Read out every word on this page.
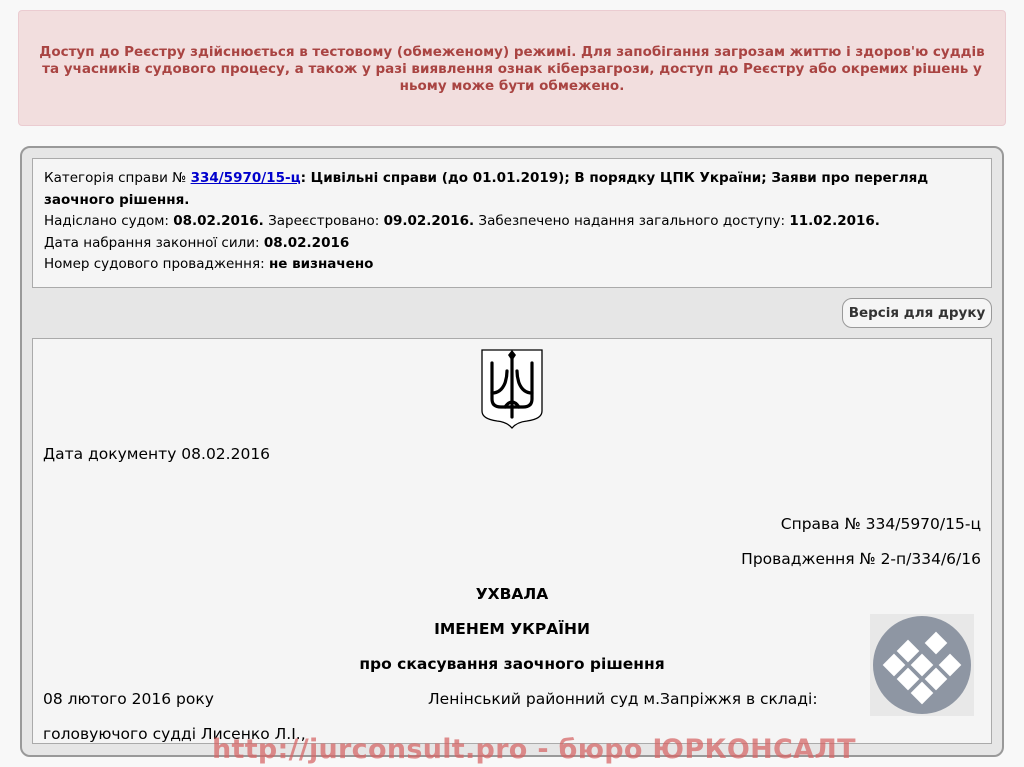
Доступ до Реєстру здійснюється в тестовому (обмеженому) режимі. Для запобігання загрозам життю і здоров'ю суддів та учасників судового процесу, а також у разі виявлення ознак кіберзагрози, доступ до Реєстру або окремих рішень у ньому може бути обмежено.

Категорія справи № 334/5970/15-ц: Цивільні справи (до 01.01.2019); В порядку ЦПК України; Заяви про перегляд заочного рішення.

Надіслано судом: 08.02.2016. Зареєстровано: 09.02.2016. Забезпечено надання загального доступу: 11.02.2016.

Дата набрання законної сили: 08.02.2016

Номер судового провадження: не визначено

Версія для друку
Дата документу 08.02.2016
Справа № 334/5970/15-ц
Провадження № 2-п/334/6/16
УХВАЛА
ІМЕНЕМ УКРАЇНИ
про скасування заочного рішення
08 лютого 2016 року	Ленінський районний суд м.Запріжжя в складі:
головуючого судді Лисенко Л.І.,
http://jurconsult.pro - бюро ЮРКОНСАЛТ
